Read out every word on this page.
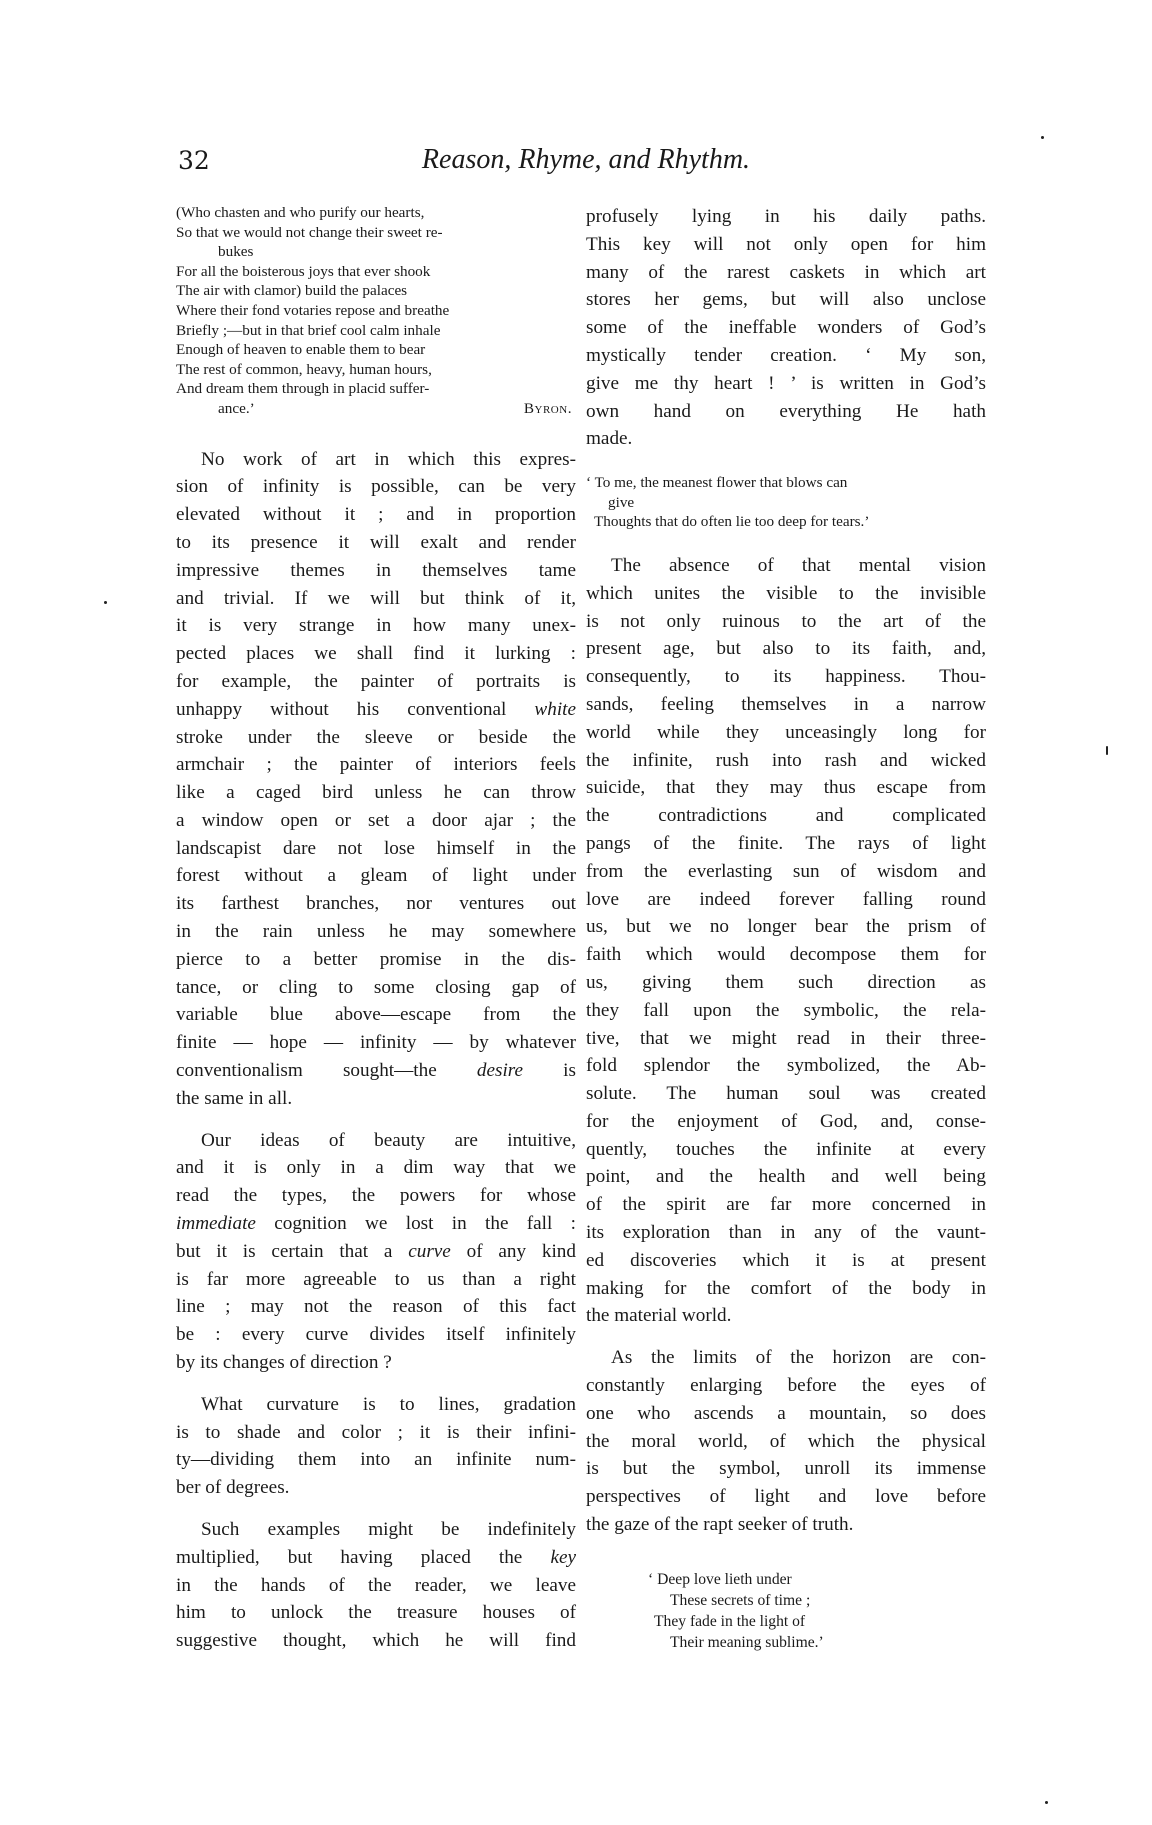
32	Reason, Rhyme, and Rhythm.
(Who chasten and who purify our hearts,
So that we would not change their sweet re-
bukes
For all the boisterous joys that ever shook
The air with clamor) build the palaces
Where their fond votaries repose and breathe
Briefly ;—but in that brief cool calm inhale
Enough of heaven to enable them to bear
The rest of common, heavy, human hours,
And dream them through in placid suffer-
ance.’	Byron.
No work of art in which this expres-
sion of infinity is possible, can be very
elevated without it ; and in proportion
to its presence it will exalt and render
impressive themes in themselves tame
and trivial. If we will but think of it,
it is very strange in how many unex-
pected places we shall find it lurking :
for example, the painter of portraits is
unhappy without his conventional white
stroke under the sleeve or beside the
armchair ; the painter of interiors feels
like a caged bird unless he can throw
a window open or set a door ajar ; the
landscapist dare not lose himself in the
forest without a gleam of light under
its farthest branches, nor ventures out
in the rain unless he may somewhere
pierce to a better promise in the dis-
tance, or cling to some closing gap of
variable blue above—escape from the
finite — hope — infinity — by whatever
conventionalism sought—the desire is
the same in all.
Our ideas of beauty are intuitive,
and it is only in a dim way that we
read the types, the powers for whose
immediate cognition we lost in the fall :
but it is certain that a curve of any kind
is far more agreeable to us than a right
line ; may not the reason of this fact
be : every curve divides itself infinitely
by its changes of direction ?
What curvature is to lines, gradation
is to shade and color ; it is their infini-
ty—dividing them into an infinite num-
ber of degrees.
Such examples might be indefinitely
multiplied, but having placed the key
in the hands of the reader, we leave
him to unlock the treasure houses of
suggestive thought, which he will find
profusely lying in his daily paths.
This key will not only open for him
many of the rarest caskets in which art
stores her gems, but will also unclose
some of the ineffable wonders of God’s
mystically tender creation. ‘ My son,
give me thy heart ! ’ is written in God’s
own hand on everything He hath
made.
‘ To me, the meanest flower that blows can
give
Thoughts that do often lie too deep for tears.’
The absence of that mental vision
which unites the visible to the invisible
is not only ruinous to the art of the
present age, but also to its faith, and,
consequently, to its happiness. Thou-
sands, feeling themselves in a narrow
world while they unceasingly long for
the infinite, rush into rash and wicked
suicide, that they may thus escape from
the contradictions and complicated
pangs of the finite. The rays of light
from the everlasting sun of wisdom and
love are indeed forever falling round
us, but we no longer bear the prism of
faith which would decompose them for
us, giving them such direction as
they fall upon the symbolic, the rela-
tive, that we might read in their three-
fold splendor the symbolized, the Ab-
solute. The human soul was created
for the enjoyment of God, and, conse-
quently, touches the infinite at every
point, and the health and well being
of the spirit are far more concerned in
its exploration than in any of the vaunt-
ed discoveries which it is at present
making for the comfort of the body in
the material world.
As the limits of the horizon are con-
constantly enlarging before the eyes of
one who ascends a mountain, so does
the moral world, of which the physical
is but the symbol, unroll its immense
perspectives of light and love before
the gaze of the rapt seeker of truth.
‘ Deep love lieth under
These secrets of time ;
They fade in the light of
Their meaning sublime.’
